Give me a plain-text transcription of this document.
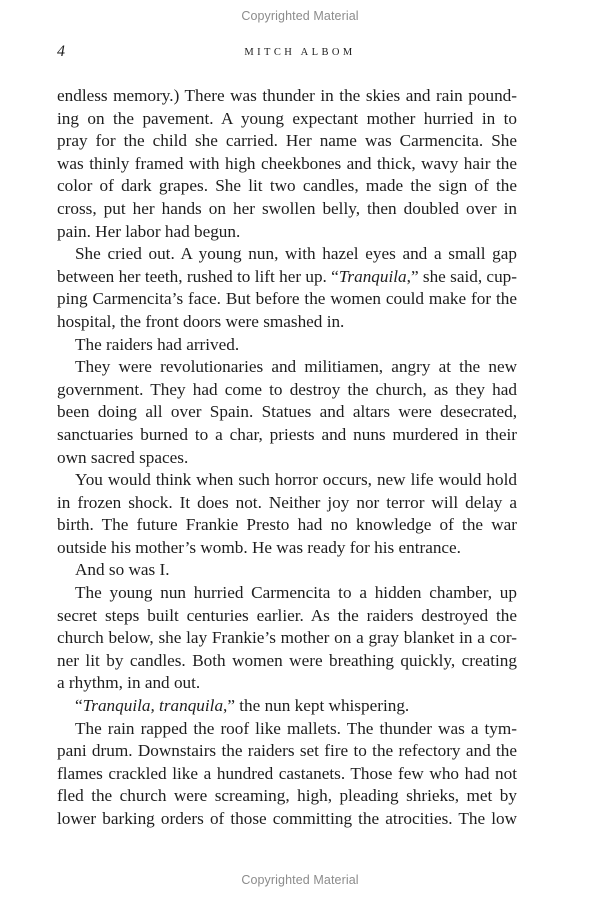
Copyrighted Material
4	MITCH ALBOM
endless memory.) There was thunder in the skies and rain pound-
ing on the pavement. A young expectant mother hurried in to
pray for the child she carried. Her name was Carmencita. She
was thinly framed with high cheekbones and thick, wavy hair the
color of dark grapes. She lit two candles, made the sign of the
cross, put her hands on her swollen belly, then doubled over in
pain. Her labor had begun.
She cried out. A young nun, with hazel eyes and a small gap
between her teeth, rushed to lift her up. “Tranquila,” she said, cup-
ping Carmencita’s face. But before the women could make for the
hospital, the front doors were smashed in.
The raiders had arrived.
They were revolutionaries and militiamen, angry at the new
government. They had come to destroy the church, as they had
been doing all over Spain. Statues and altars were desecrated,
sanctuaries burned to a char, priests and nuns murdered in their
own sacred spaces.
You would think when such horror occurs, new life would hold
in frozen shock. It does not. Neither joy nor terror will delay a
birth. The future Frankie Presto had no knowledge of the war
outside his mother’s womb. He was ready for his entrance.
And so was I.
The young nun hurried Carmencita to a hidden chamber, up
secret steps built centuries earlier. As the raiders destroyed the
church below, she lay Frankie’s mother on a gray blanket in a cor-
ner lit by candles. Both women were breathing quickly, creating
a rhythm, in and out.
“Tranquila, tranquila,” the nun kept whispering.
The rain rapped the roof like mallets. The thunder was a tym-
pani drum. Downstairs the raiders set fire to the refectory and the
flames crackled like a hundred castanets. Those few who had not
fled the church were screaming, high, pleading shrieks, met by
lower barking orders of those committing the atrocities. The low
Copyrighted Material
